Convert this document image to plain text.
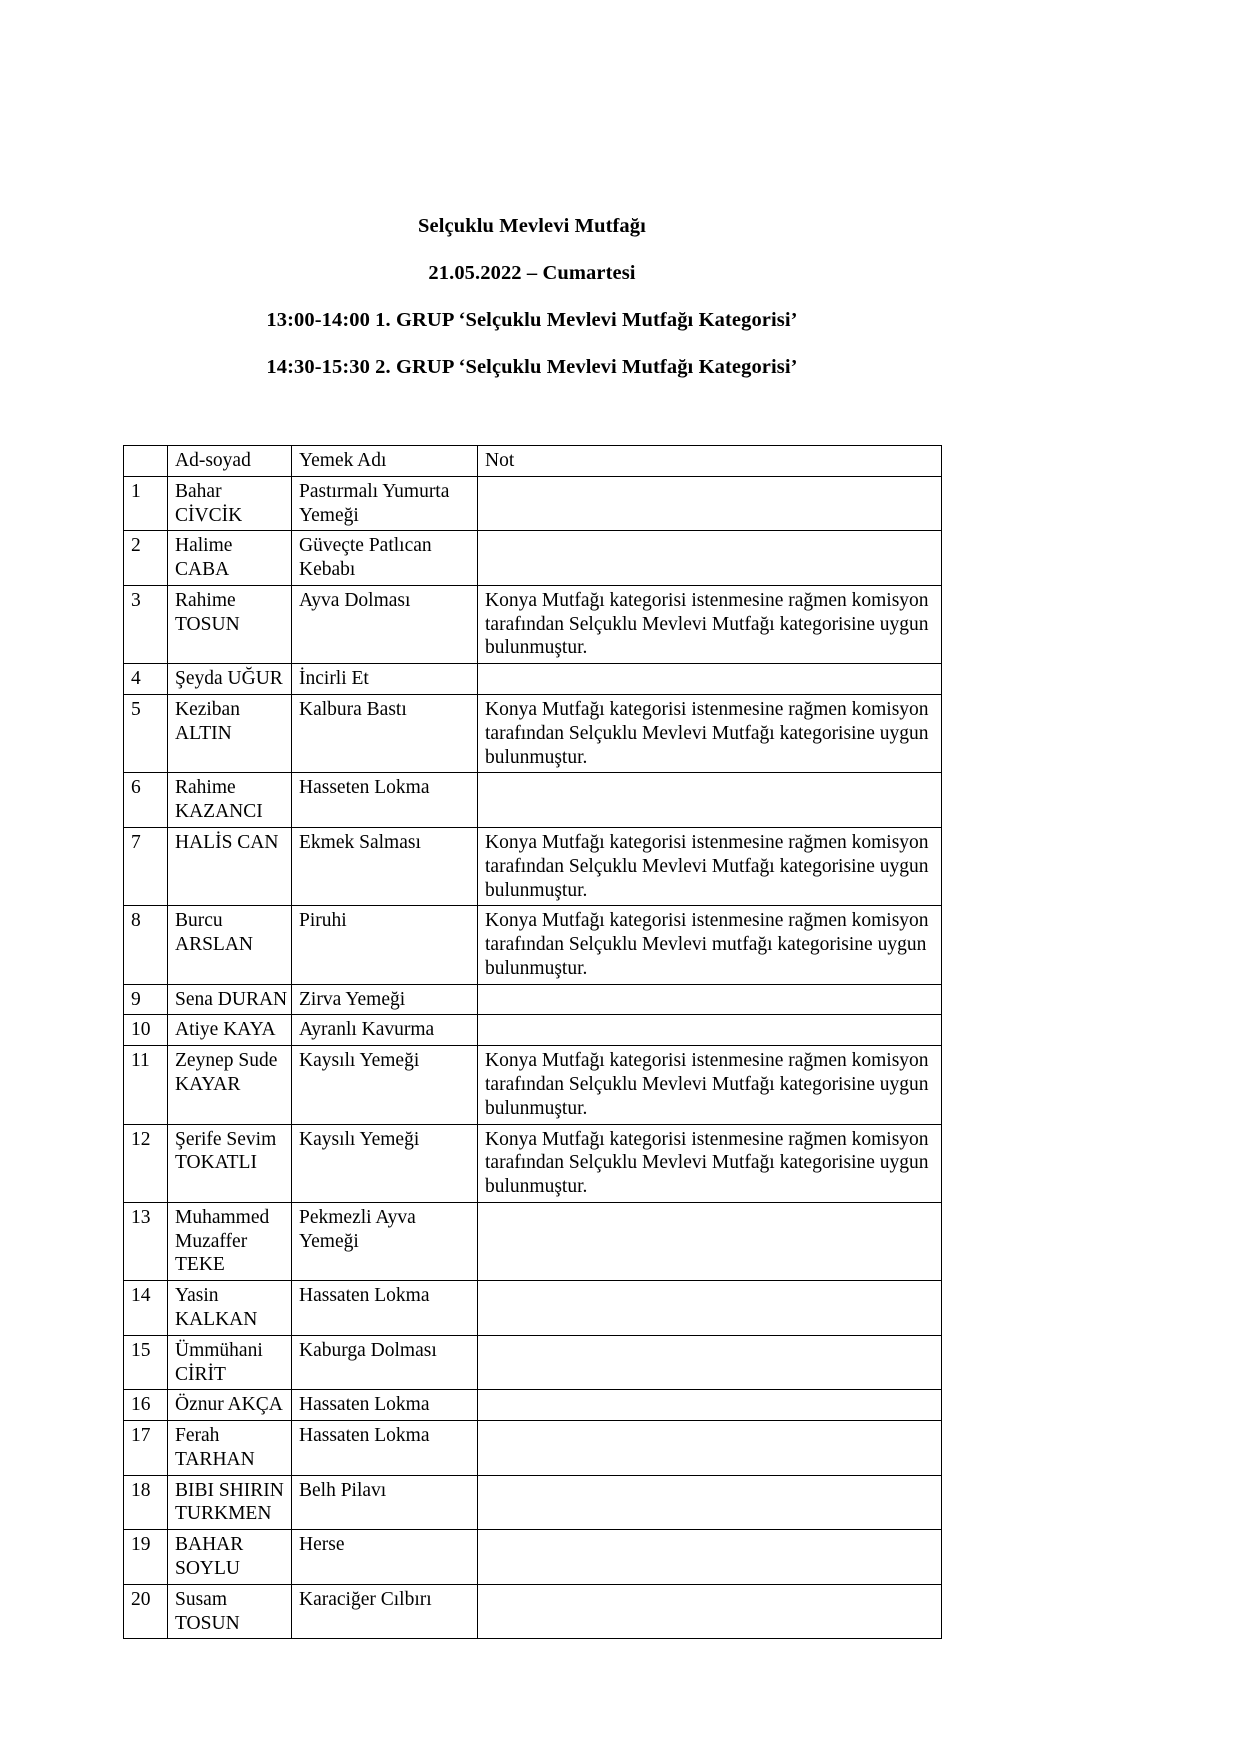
Selçuklu Mevlevi Mutfağı

21.05.2022 – Cumartesi

13:00-14:00 1. GRUP ‘Selçuklu Mevlevi Mutfağı Kategorisi’

14:30-15:30 2. GRUP ‘Selçuklu Mevlevi Mutfağı Kategorisi’

	Ad-soyad	Yemek Adı	Not
1	Bahar
CİVCİK	Pastırmalı Yumurta
Yemeği	

2	Halime
CABA	Güveçte Patlıcan
Kebabı	

3	Rahime
TOSUN	Ayva Dolması	Konya Mutfağı kategorisi istenmesine rağmen komisyon tarafından Selçuklu Mevlevi Mutfağı kategorisine uygun bulunmuştur.

4	Şeyda UĞUR	İncirli Et	

5	Keziban
ALTIN	Kalbura Bastı	Konya Mutfağı kategorisi istenmesine rağmen komisyon tarafından Selçuklu Mevlevi Mutfağı kategorisine uygun bulunmuştur.

6	Rahime
KAZANCI	Hasseten Lokma	

7	HALİS CAN	Ekmek Salması	Konya Mutfağı kategorisi istenmesine rağmen komisyon tarafından Selçuklu Mevlevi Mutfağı kategorisine uygun bulunmuştur.

8	Burcu
ARSLAN	Piruhi	Konya Mutfağı kategorisi istenmesine rağmen komisyon tarafından Selçuklu Mevlevi mutfağı kategorisine uygun bulunmuştur.

9	Sena DURAN	Zirva Yemeği	

10	Atiye KAYA	Ayranlı Kavurma	

11	Zeynep Sude
KAYAR	Kaysılı Yemeği	Konya Mutfağı kategorisi istenmesine rağmen komisyon tarafından Selçuklu Mevlevi Mutfağı kategorisine uygun bulunmuştur.

12	Şerife Sevim
TOKATLI	Kaysılı Yemeği	Konya Mutfağı kategorisi istenmesine rağmen komisyon tarafından Selçuklu Mevlevi Mutfağı kategorisine uygun bulunmuştur.

13	Muhammed
Muzaffer
TEKE	Pekmezli Ayva
Yemeği	

14	Yasin
KALKAN	Hassaten Lokma	

15	Ümmühani
CİRİT	Kaburga Dolması	

16	Öznur AKÇA	Hassaten Lokma	

17	Ferah
TARHAN	Hassaten Lokma	

18	BIBI SHIRIN
TURKMEN	Belh Pilavı	

19	BAHAR
SOYLU	Herse	

20	Susam
TOSUN	Karaciğer Cılbırı	
